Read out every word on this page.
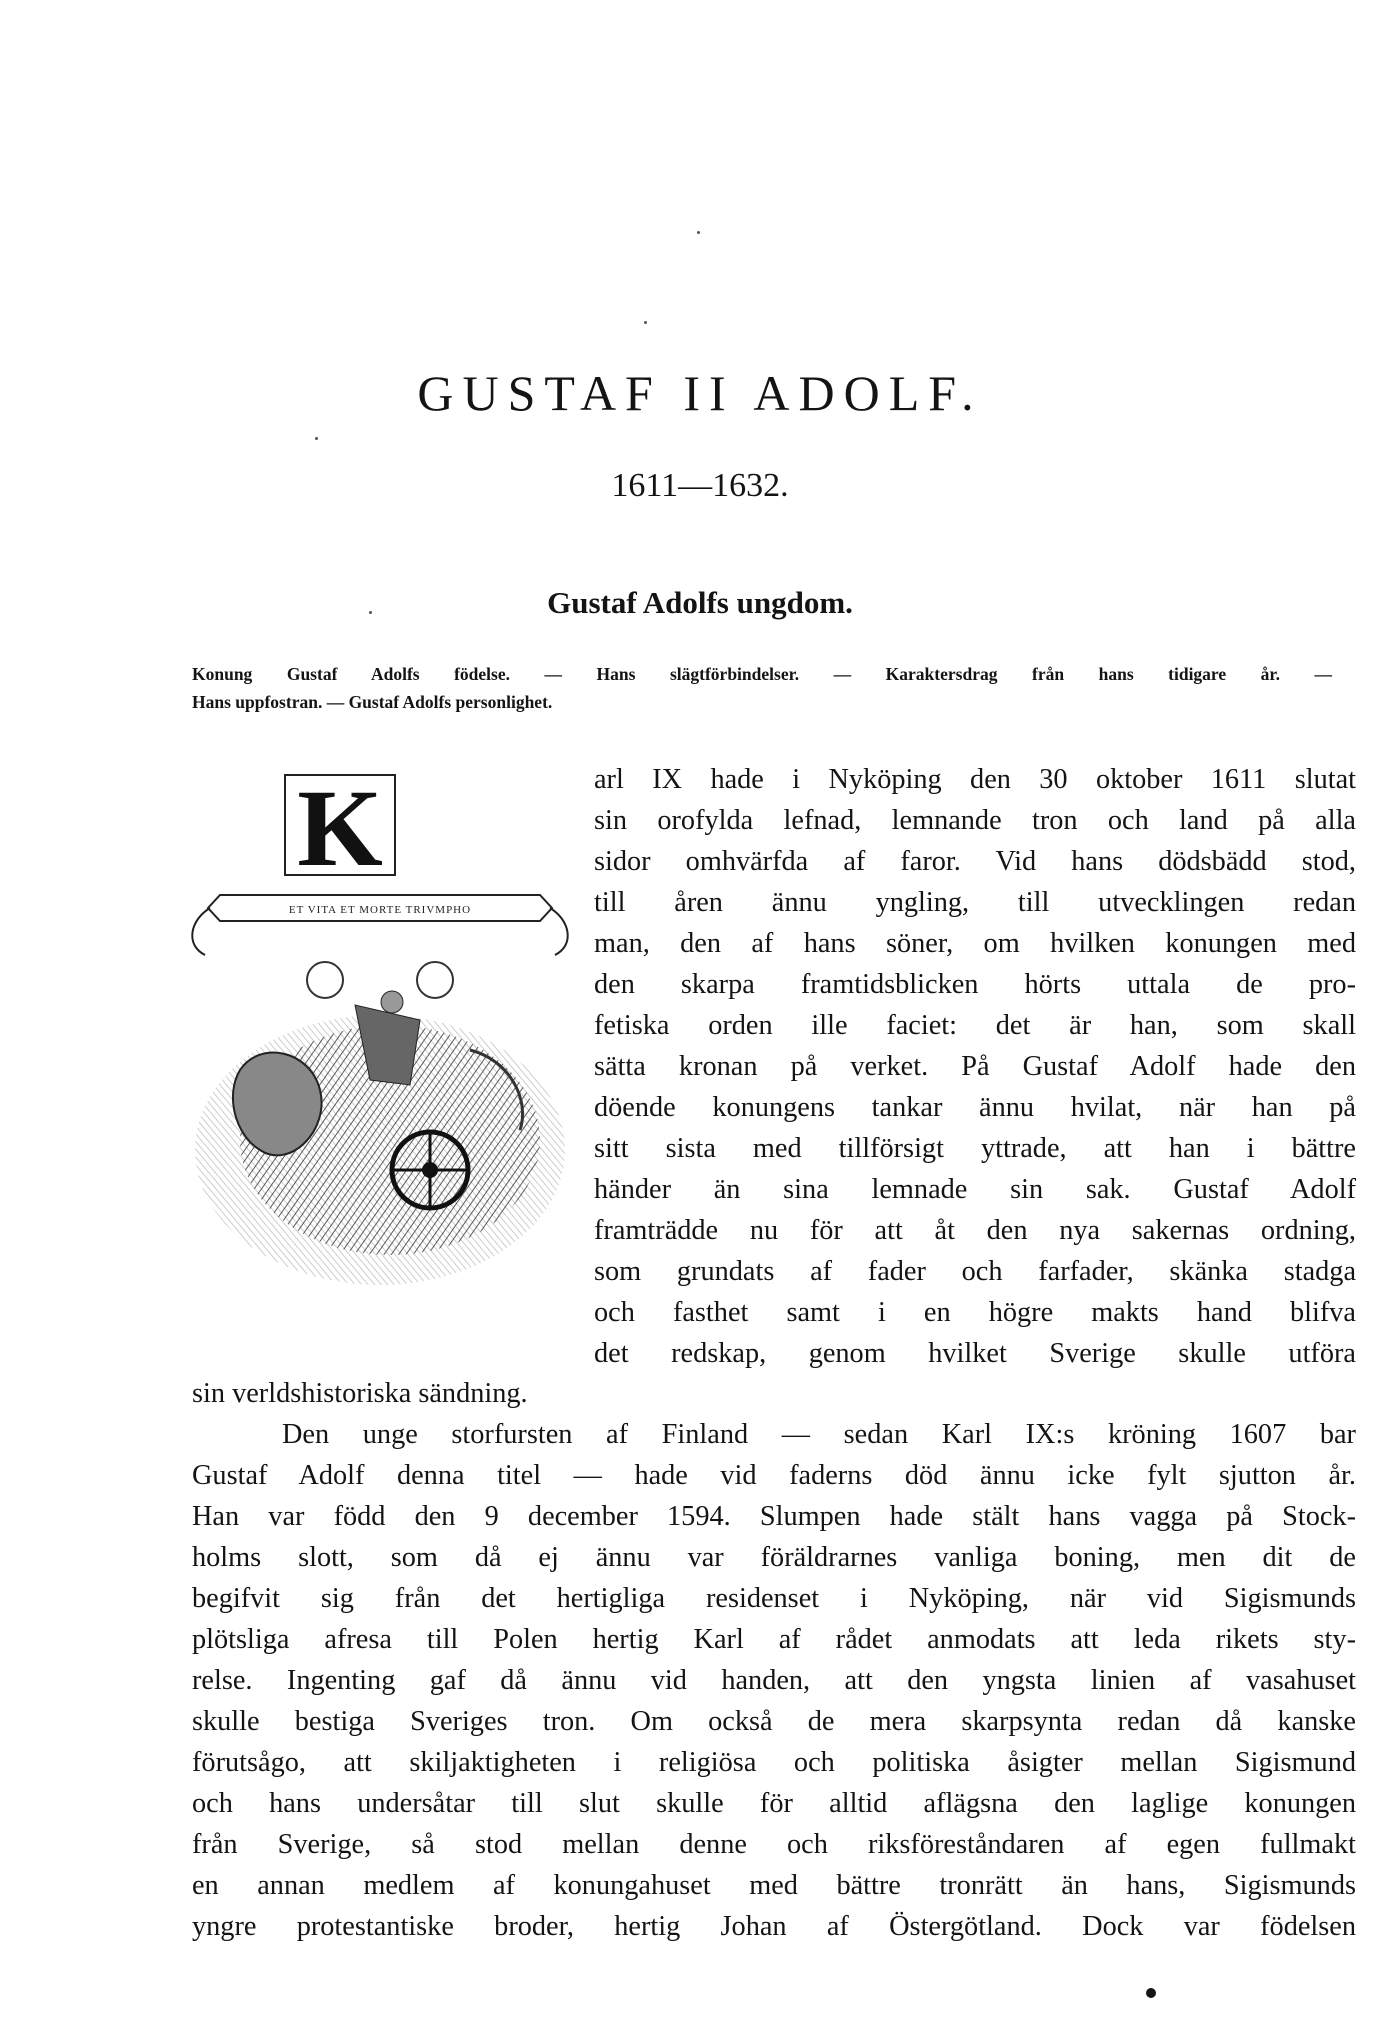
GUSTAF II ADOLF.
1611—1632.
Gustaf Adolfs ungdom.
Konung Gustaf Adolfs födelse. — Hans slägtförbindelser. — Karaktersdrag från hans tidigare år. —
Hans uppfostran. — Gustaf Adolfs personlighet.
K
ET VITA ET MORTE TRIVMPHO
arl IX hade i Nyköping den 30 oktober 1611 slutat
sin orofylda lefnad, lemnande tron och land på alla
sidor omhvärfda af faror. Vid hans dödsbädd stod,
till åren ännu yngling, till utvecklingen redan
man, den af hans söner, om hvilken konungen med
den skarpa framtidsblicken hörts uttala de pro-
fetiska orden ille faciet: det är han, som skall
sätta kronan på verket. På Gustaf Adolf hade den
döende konungens tankar ännu hvilat, när han på
sitt sista med tillförsigt yttrade, att han i bättre
händer än sina lemnade sin sak. Gustaf Adolf
framträdde nu för att åt den nya sakernas ordning,
som grundats af fader och farfader, skänka stadga
och fasthet samt i en högre makts hand blifva
det redskap, genom hvilket Sverige skulle utföra
sin verldshistoriska sändning.
Den unge storfursten af Finland — sedan Karl IX:s kröning 1607 bar
Gustaf Adolf denna titel — hade vid faderns död ännu icke fylt sjutton år.
Han var född den 9 december 1594. Slumpen hade stält hans vagga på Stock-
holms slott, som då ej ännu var föräldrarnes vanliga boning, men dit de
begifvit sig från det hertigliga residenset i Nyköping, när vid Sigismunds
plötsliga afresa till Polen hertig Karl af rådet anmodats att leda rikets sty-
relse. Ingenting gaf då ännu vid handen, att den yngsta linien af vasahuset
skulle bestiga Sveriges tron. Om också de mera skarpsynta redan då kanske
förutsågo, att skiljaktigheten i religiösa och politiska åsigter mellan Sigismund
och hans undersåtar till slut skulle för alltid aflägsna den laglige konungen
från Sverige, så stod mellan denne och riksföreståndaren af egen fullmakt
en annan medlem af konungahuset med bättre tronrätt än hans, Sigismunds
yngre protestantiske broder, hertig Johan af Östergötland. Dock var födelsen
